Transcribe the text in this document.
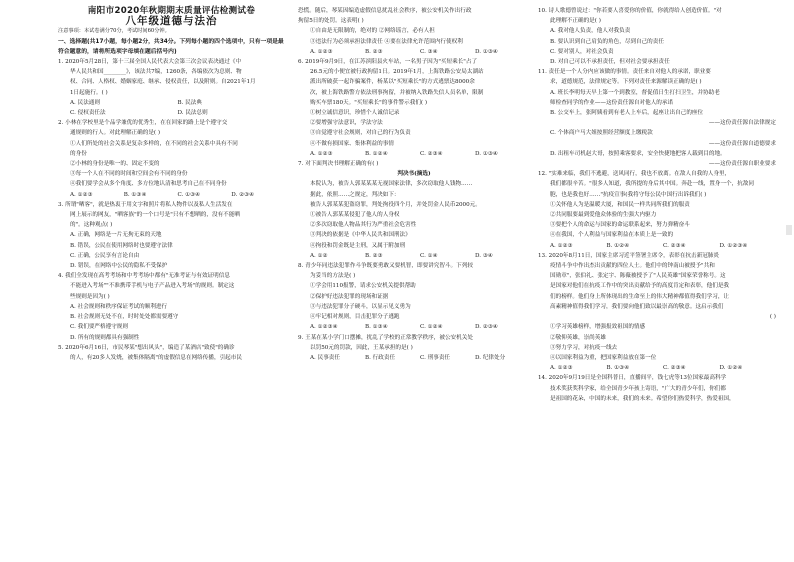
南阳市2020年秋期期末质量评估检测试卷

八年级道德与法治

注意事项：本试卷满分70分，考试时间60分钟。

一、选择题(共17小题，每小题2分，共34分。下列每小题的四个选项中，只有一项是最符合题意的，请将所选项字母填在题后括号内)

1. 2020年5月28日，第十三届全国人民代表大会第三次会议表决通过《中

华人民共和国________》，该法共7编，1260条，各编依次为总则、物

权、合同、人格权、婚姻家庭、继承、侵权责任，以及附则。自2021年1月

1日起施行。( )

A. 民法通则	B. 民法典
C. 侵权责任法	D. 民法总则

2. 小林在学校里是个品学兼优的优秀生，在在回家的路上是个遵守交

通规则的行人。对此理解正确的是( )

①人们所处的社会关系是复杂多样的，在不同的社会关系中具有不同

的身份

②小林的身份是唯一的、固定不变的

③每一个人在不同的时间和空间会有不同的身份

④我们要学会从多个角度、多方位地认清和思考自己在不同身份

A. ①②③	B. ①③④	C. ①③④	D. ②③④

3. 所谓"晒客"，就是热衷于用文字和照片将私人物件以及私人生活发在

网上展示的网友，"晒客族"的一个口号是"只有不想晒的，没有不能晒

的"。这种观点( )

A. 正确，网络是一片无拘无束的天地

B. 错误，公民在使用网络时也要遵守法律

C. 正确，公民享有言论自由

D. 错误，在网络中公民的隐私不受保护

4. 我们全发现在高考考场和中考考场中都有"无准考证与有效证明信息

不能进入考场""不准携带手机与电子产品进入考场"的规则。制定这

些规则是因为( )

A. 社会规则和秩序保证考试的顺利进行

B. 社会规则无处不在，时时处处都需要遵守

C. 我们要严格遵守规则

D. 所有的规则都具有强制性

5. 2020年6月16日，市民琴某"想出风头"，编造了某酒店"致使"的确诊

的人，有20多人发烧，被集体隔离"的虚假信息在网络传播，引起市民

恐慌。随后，琴某因编造虚假信息扰乱社会秩序，被公安机关作出行政

拘留5日的处罚。这表明( )

①自由是无限制的，绝对的 ②网络谣言，必有人担

③违法行为必须承担法律责任 ④要在法律允许范围内行使权利

A. ①②③	B. ②③	C. ③④	D. ①③④

6. 2019年9月9日，在江苏滨阳县火车站，一名男子因为"买短乘长"占了

26.5元的小便宜被行政拘留1日。2019年1月，上海铁路公安局太湖站

派出所破获一起诈骗案件，杨某以"买短乘长"的方式逃票达8000余

次，被上海铁路警方依法刑事拘留，并被纳入铁路失信人员名单，限制

购买车票180天。"买短乘长"的事件警示我们( )

①树立诚信意识，珍惜个人诚信记录

②要增强守法意识，学法守法

③自觉遵守社会规则，对自己的行为负责

④不做有损国家、集体利益的事情

A. ①②③	B. ①②④	C. ②③④	D. ①③④

7. 对下面判决书理解正确的有( )

判决书(摘选)

本院认为，被告人郭某某某无视国家法律，多次窃取他人钱物……

据此，依照……之规定，判决如下：

被告人郭某某犯盗窃罪，判处拘役四个月，并处罚金人民币2000元。

①被告人郭某某侵犯了他人的人身权

②多次窃取他人物品其行为严重社会危害性

③判决的依据是《中华人民共和国刑法》

④拘役和罚金既是主刑，又属于附加刑

A. ①②	B. ②③	C. ①④	D. ③④

8. 青少年同违法犯罪作斗争既要勇敢又要机智，即要讲究智斗。下列较

为妥当的方法是( )

①学会用110报警，请求公安机关提供帮助

②保护好违法犯罪的现场和证据

③与违法犯罪分子硬斗，以显示见义勇为

④牢记相对规则，目击犯罪分子逃跑

A. ①②③④	B. ①③④	C. ①②④	D. ②③④

9. 王某在某小学门口摆摊，扰乱了学校的正常教学秩序，被公安机关处

以罚50元的罚款，因此，王某承担的是( )

A. 民事责任	B. 行政责任	C. 刑事责任	D. 纪律处分

10. 诗人歌德曾说过："你若要人喜爱你的价值，你就得给人创造价值。"对

此理解不正确的是( )

A. 我对他人负责，他人对我负责

B. 要认识到自己肩负的角色，尽到自己的责任

C. 要对别人，对社会负责

D. 对自己可以不承担责任，但对社会要承担责任

11. 责任是一个人分内应该做的事情。责任来自对他人的承诺，职业要

求，道德规范，法律规定等。下列对责任来源解读正确的是( )

A. 班长李明每天早上第一个到教室，督促值日生打扫卫生，并协助老

师检查同学的作业——这份责任源自对他人的承诺

B. 公交车上，张阿姨看到有老人上车后，起座让出自己的座位

——这份责任源自法律规定

C. 个体商户马大姐按照经营额度上缴税款

——这份责任源自道德要求

D. 出租车司机赵大哥，按照乘客要求，安全快捷地把客人载到目的地。

——这份责任源自职业要求

12. "实难来临，我们不逃避，送风同行，我也不放离。在敌人自我的人身里，

我们都很辛苦。"很多人知道，我所提的身后其中国。奔赴一线，置身一个，抗敌同

胞，也是我也好……"抗疫宣事(我将守每公民中国行出诉我们( )

①关怀他人为是温暖大厦，和国民一样共同所我们的服责

②共同服要最到爱他众体验的生强大内驱力

③要把个人的命运与国家的命运联系起来，努力弹精奋斗

④在我国，个人利益与国家利益在本质上是一致的

A. ①②③	B. ①②④	C. ②③④	D. ①②③④

13. 2020年8月11日，国家主席习近平签署主席令，表彰在抗击新冠肺炎

疫情斗争中作出杰出贡献的四位人士。他们中的钟南山被授予"共和

国勋章"，张伯礼、张定宇、陈薇被授予了"人民英雄"国家荣誉称号。这

是国家对他们在抗疫工作中的突出贡献给予的高度肯定和表彰，他们是我

们的榜样。他们身上所体现出的生命至上的伟大精神都值得我们学习，让

高素精神值得我们学习，我们要向他们致以最崇高的敬意。这启示我们

( )

①学习英雄榜样，增强报效祖国的情感

②敬仰英雄，崇尚英雄

③努力学习，对抗疫一线去

④以国家利益为重，把国家利益放在第一位

A. ①②③	B. ①③④	C. ②③④	D. ①②④

14. 2020年9月19日是全国科普日，直播间平，钱七虎等13位国家最高科学

技术奖获奖科学家，给全国青少年孩上寄语，"广大的青少年们，你们都

是祖国的花朵，中国的未来，我们的未来。希望你们热爱科学，热爱祖国，
